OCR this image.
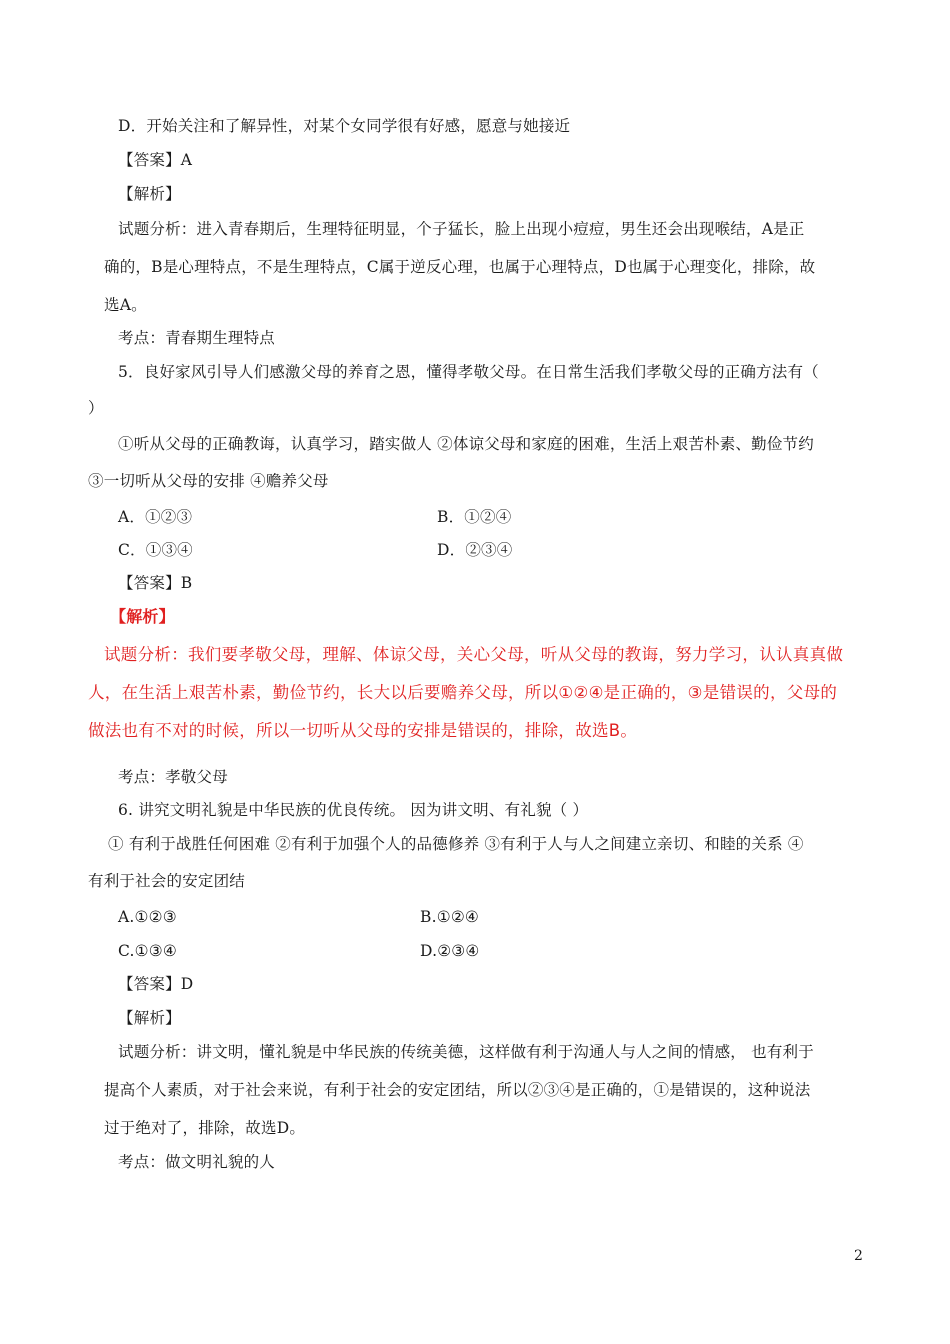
D．开始关注和了解异性，对某个女同学很有好感，愿意与她接近
【答案】A
【解析】
试题分析：进入青春期后，生理特征明显，个子猛长，脸上出现小痘痘，男生还会出现喉结，A是正
确的，B是心理特点，不是生理特点，C属于逆反心理，也属于心理特点，D也属于心理变化，排除，故
选A。
考点：青春期生理特点
5．良好家风引导人们感激父母的养育之恩，懂得孝敬父母。在日常生活我们孝敬父母的正确方法有（
）
①听从父母的正确教诲，认真学习，踏实做人 ②体谅父母和家庭的困难，生活上艰苦朴素、勤俭节约
③一切听从父母的安排 ④赡养父母
A．①②③	B．①②④
C．①③④	D．②③④
【答案】B
【解析】
试题分析：我们要孝敬父母，理解、体谅父母，关心父母，听从父母的教诲，努力学习，认认真真做
人，在生活上艰苦朴素，勤俭节约，长大以后要赡养父母，所以①②④是正确的，③是错误的，父母的
做法也有不对的时候，所以一切听从父母的安排是错误的，排除，故选B。
考点：孝敬父母
6. 讲究文明礼貌是中华民族的优良传统。 因为讲文明、有礼貌（ ）
① 有利于战胜任何困难 ②有利于加强个人的品德修养 ③有利于人与人之间建立亲切、和睦的关系 ④
有利于社会的安定团结
A.①②③	B.①②④
C.①③④	D.②③④
【答案】D
【解析】
试题分析：讲文明，懂礼貌是中华民族的传统美德，这样做有利于沟通人与人之间的情感， 也有利于
提高个人素质，对于社会来说，有利于社会的安定团结，所以②③④是正确的，①是错误的，这种说法
过于绝对了，排除，故选D。
考点：做文明礼貌的人
2
